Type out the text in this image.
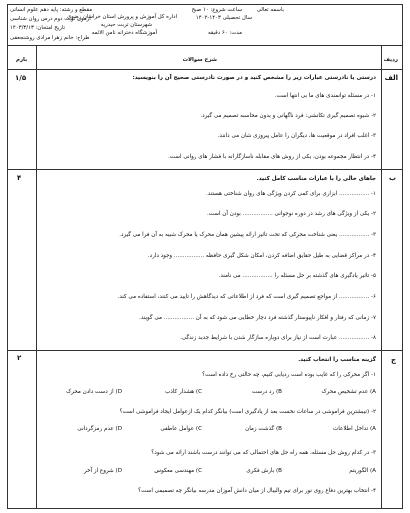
باسمه تعالی
اداره کل آموزش و پرورش استان خراسان رضوی
شهرستان تربت حیدریه
آموزشگاه دخترانه نامن الائمه
ساعت شروع: ۱۰ صبح
سال تحصیلی ۱۴۰۳-۱۴۰۲
مدت: ۶۰ دقیقه
مقطع و رشته: پایه دهم علوم انسانی
آزمون نوبت دوم درس روان شناسی
تاریخ امتحان: ۱۴۰۳/۳/۱۳
طراح: خانم زهرا مرادی روشنجعفی
ردیف
شرح سوالات
بارم
الف
۱/۵	درستی یا نادرستی عبارات زیر را مشخص کنید و در صورت نادرستی صحیح آن را بنویسید:
۱- در مسئله توانمندی های ما بی انتها است.
۲- شیوه تصمیم گیری تکانشی: فرد ناگهانی و بدون محاسبه تصمیم می گیرد.
۳- اغلب افراد در موقعیت ها، دیگران را عامل پیروزی شان می دانند.
۴- در انتظار مجموعه بودن، یکی از روش های مقابله ناسازگارانه با فشار های روانی است.
ب
۴	جاهای خالی را با عبارات مناسب کامل کنید.
۱- ................. ابزاری برای کمی کردن ویژگی های روان شناختی هستند.
۲- یکی از ویژگی های رشد در دوره نوجوانی ................. بودن آن است.
۳- ................. یعنی شناخت محرکی که تحت تاثیر ارائه پیشین همان محرک یا محرک شبیه به آن فرا می گیرد.
۴- در مراکز قضایی به طیل حقایق اضافه کردن، امکان شکل گیری حافظه ................. وجود دارد.
۵- تاثیر یادگیری های گذشته بر حل مسئله را ................. می نامند.
۶- ................. از مواجع تصمیم گیری است که فرد از اطلاعاتی که دیدگاهش را تایید می کنند، استفاده می کند.
۷- زمانی که رفتار و افکار ناپیوستار گذشته فرد دچار خطایی می شود که به آن ................. می گویند.
۸- ................. عبارت است از نیاز برای دوباره سازگار شدن با شرایط جدید زندگی.
ج
۲	گزینه مناسب را انتخاب کنید.
۱- اگر محرکی را که غایب بوده است ردیابی کنیم، چه حالتی رخ داده است؟
A) عدم تشخیص محرک
B) رد درست
C) هشدار کاذب
D) از دست دادن محرک
۲- (تیبشترین فراموشی در ساعات نخست بعد از یادگیری است) بیانگر کدام یک ازعوامل ایجاد فراموشی است؟
A) تداخل اطلاعات
B) گذشت زمان
C) عوامل عاطفی
D) عدم رمزگردانی
۳- در کدام روش حل مسئله، همه راه حل های احتمالی که می توانند درست باشند ارائه می شود؟
A) الگوریتم
B) بارش فکری
C) مهندسی معکوس
D) شروع از آخر
۴- انتخاب بهترین دفاع روی نور برای تیم والیبال از میان دانش آموزان مدرسه بیانگر چه تصمیمی است؟
